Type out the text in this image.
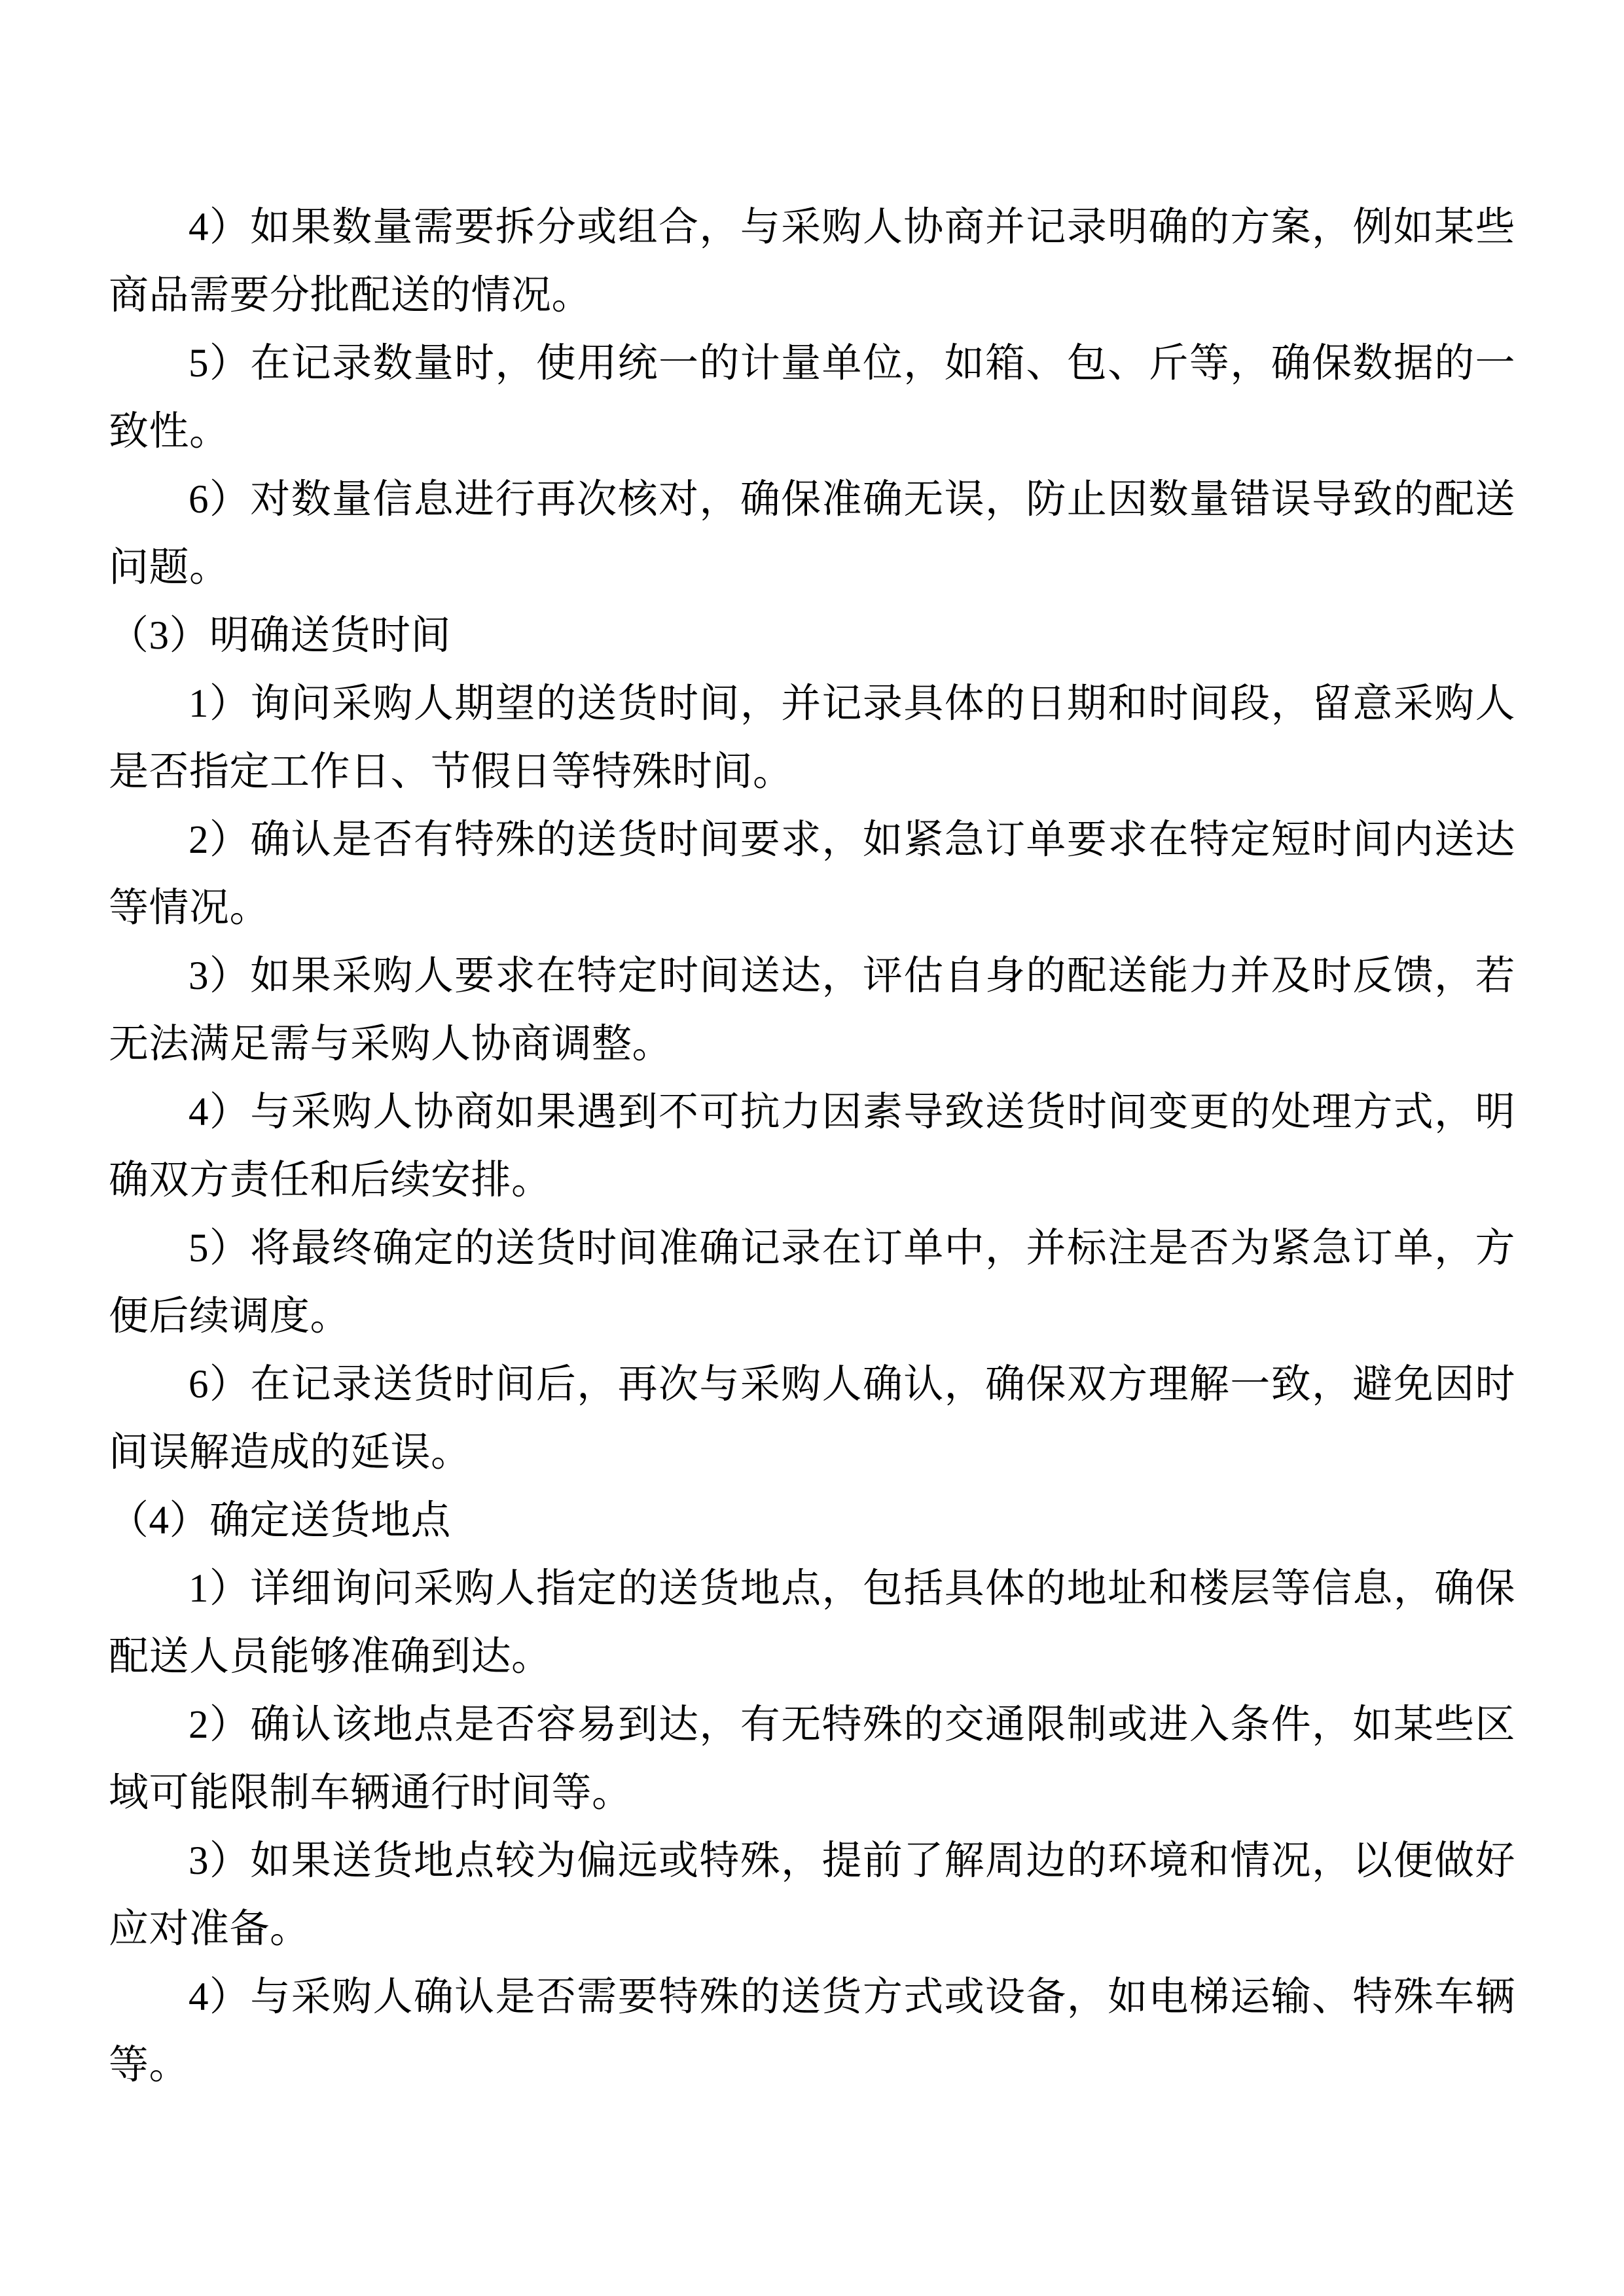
4）如果数量需要拆分或组合，与采购人协商并记录明确的方案，例如某些商品需要分批配送的情况。

5）在记录数量时，使用统一的计量单位，如箱、包、斤等，确保数据的一致性。

6）对数量信息进行再次核对，确保准确无误，防止因数量错误导致的配送问题。

（3）明确送货时间

1）询问采购人期望的送货时间，并记录具体的日期和时间段，留意采购人是否指定工作日、节假日等特殊时间。

2）确认是否有特殊的送货时间要求，如紧急订单要求在特定短时间内送达等情况。

3）如果采购人要求在特定时间送达，评估自身的配送能力并及时反馈，若无法满足需与采购人协商调整。

4）与采购人协商如果遇到不可抗力因素导致送货时间变更的处理方式，明确双方责任和后续安排。

5）将最终确定的送货时间准确记录在订单中，并标注是否为紧急订单，方便后续调度。

6）在记录送货时间后，再次与采购人确认，确保双方理解一致，避免因时间误解造成的延误。

（4）确定送货地点

1）详细询问采购人指定的送货地点，包括具体的地址和楼层等信息，确保配送人员能够准确到达。

2）确认该地点是否容易到达，有无特殊的交通限制或进入条件，如某些区域可能限制车辆通行时间等。

3）如果送货地点较为偏远或特殊，提前了解周边的环境和情况，以便做好应对准备。

4）与采购人确认是否需要特殊的送货方式或设备，如电梯运输、特殊车辆等。
